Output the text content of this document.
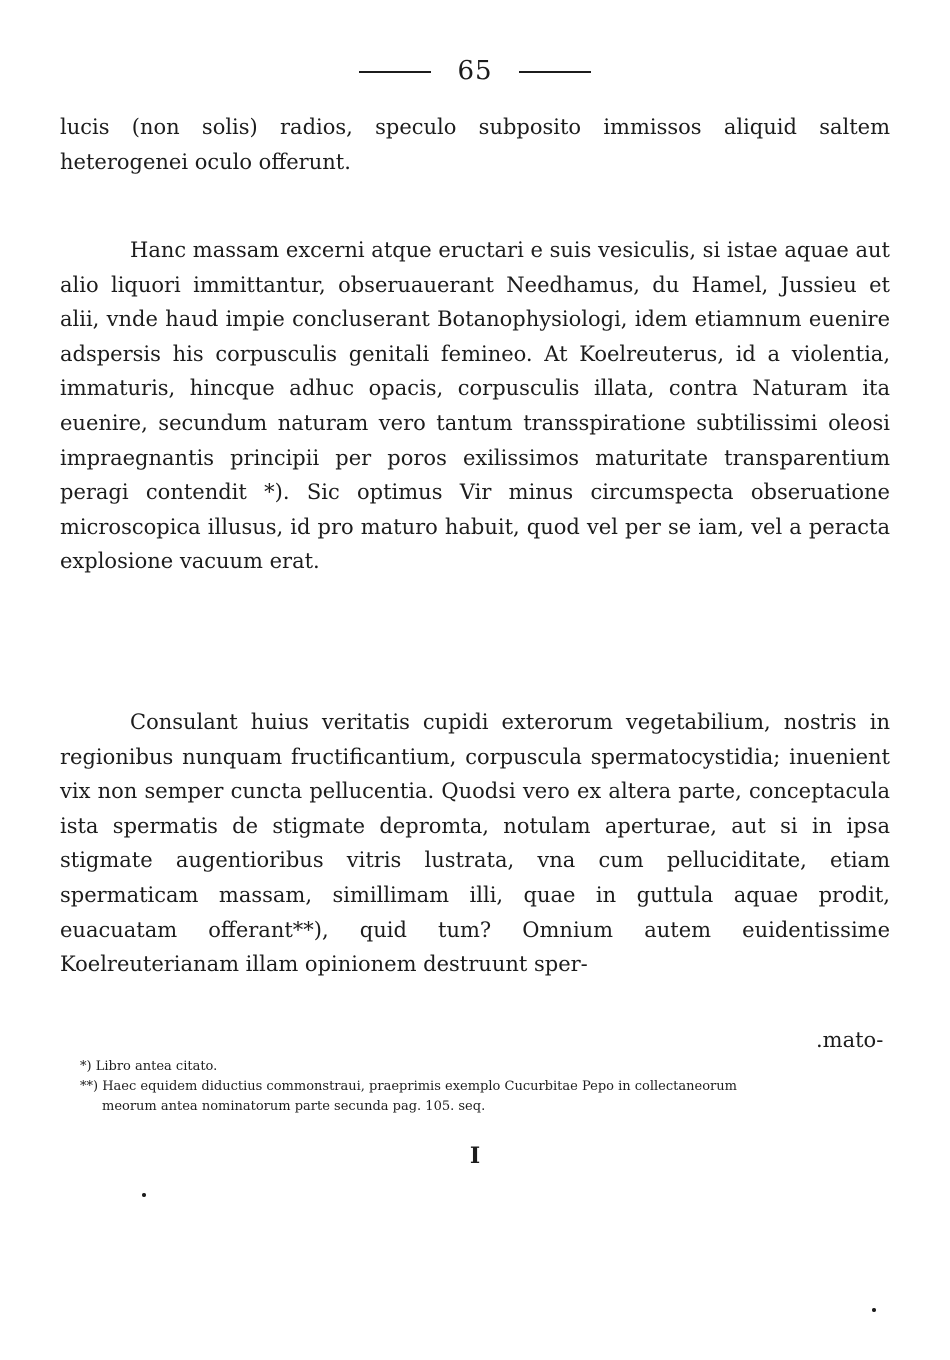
65
lucis (non solis) radios, speculo subposito immissos aliquid saltem heterogenei oculo offerunt.
Hanc massam excerni atque eructari e suis vesiculis, si istae aquae aut alio liquori immittantur, obseruauerant Needhamus, du Hamel, Jussieu et alii, vnde haud impie concluserant Botanophysiologi, idem etiamnum euenire adspersis his corpusculis genitali femineo. At Koelreuterus, id a violentia, immaturis, hincque adhuc opacis, corpusculis illata, contra Naturam ita euenire, secundum naturam vero tantum transspiratione subtilissimi oleosi impraegnantis principii per poros exilissimos maturitate transparentium peragi contendit *). Sic optimus Vir minus circumspecta obseruatione microscopica illusus, id pro maturo habuit, quod vel per se iam, vel a peracta explosione vacuum erat.
Consulant huius veritatis cupidi exterorum vegetabilium, nostris in regionibus nunquam fructificantium, corpuscula spermatocystidia; inuenient vix non semper cuncta pellucentia. Quodsi vero ex altera parte, conceptacula ista spermatis de stigmate depromta, notulam aperturae, aut si in ipsa stigmate augentioribus vitris lustrata, vna cum pelluciditate, etiam spermaticam massam, simillimam illi, quae in guttula aquae prodit, euacuatam offerant**), quid tum? Omnium autem euidentissime Koelreuterianam illam opinionem destruunt sper-
.mato-
*) Libro antea citato.
**) Haec equidem diductius commonstraui, praeprimis exemplo Cucurbitae Pepo in collectaneorum
meorum antea nominatorum parte secunda pag. 105. seq.
I
